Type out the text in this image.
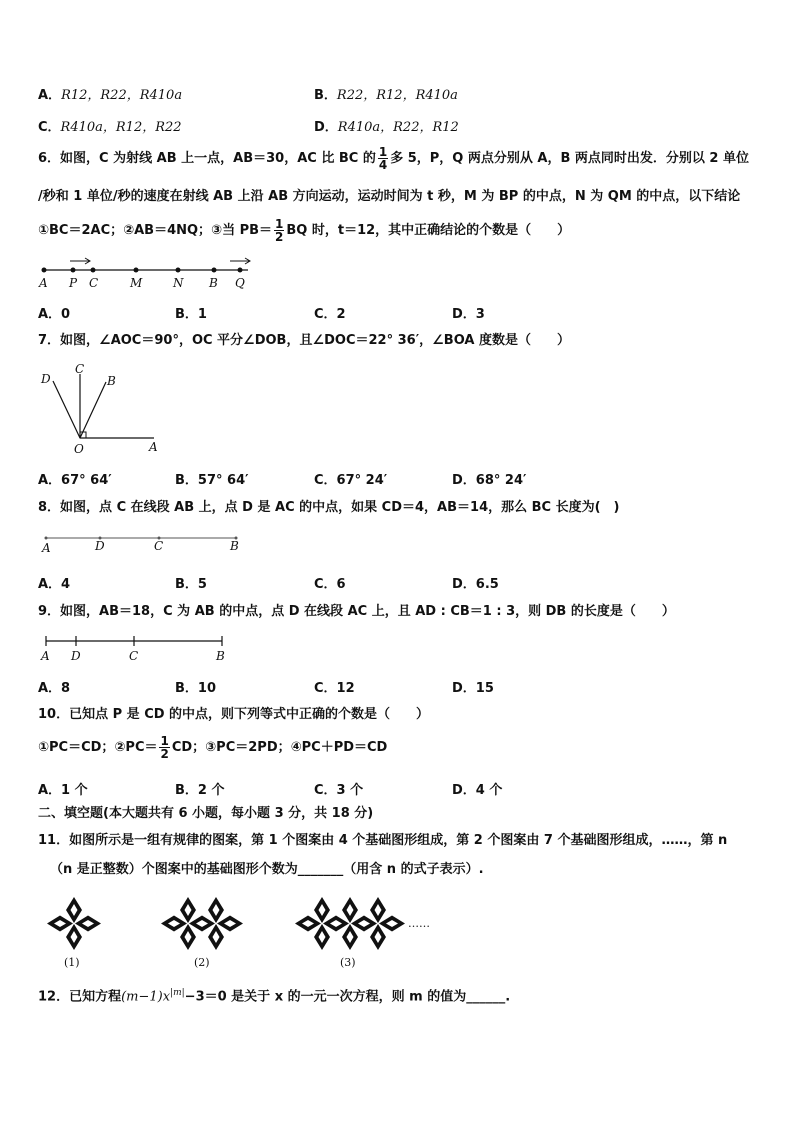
A．R12，R22，R410a	B．R22，R12，R410a
C．R410a，R12，R22	D．R410a，R22，R12
6．如图，C 为射线 AB 上一点，AB＝30，AC 比 BC 的 $\frac{1}{4}$ 多 5，P，Q 两点分别从 A，B 两点同时出发．分别以 2 单位
/秒和 1 单位/秒的速度在射线 AB 上沿 AB 方向运动，运动时间为 t 秒，M 为 BP 的中点，N 为 QM 的中点，以下结论
①BC＝2AC；②AB＝4NQ；③当 $PB= \frac{1}{2}$ BQ 时，t＝12，其中正确结论的个数是（　　）
A P C	M	N B Q
A．0	B．1	C．2	D．3
7．如图，∠AOC＝90°，OC 平分∠DOB，且∠DOC＝22° 36′，∠BOA 度数是（　　）
D
C
B
O	A
A．67° 64′	B．57° 64′	C．67° 24′	D．68° 24′
8．如图，点 C 在线段 AB 上，点 D 是 AC 的中点，如果 CD＝4，AB＝14，那么 BC 长度为(　)
A	D	C	B
A．4	B．5	C．6	D．6.5
9．如图，AB＝18，C 为 AB 的中点，点 D 在线段 AC 上，且 AD : CB＝1 : 3，则 DB 的长度是（　　）
A D	C	B
A．8	B．10	C．12	D．15
10．已知点 P 是 CD 的中点，则下列等式中正确的个数是（　　）
①PC＝CD；②PC＝ $\frac{1}{2}$ CD；③PC＝2PD；④PC＋PD＝CD
A．1 个	B．2 个	C．3 个	D．4 个
二、填空题(本大题共有 6 小题，每小题 3 分，共 18 分)
11．如图所示是一组有规律的图案，第 1 个图案由 4 个基础图形组成，第 2 个图案由 7 个基础图形组成，……，第 n
（n 是正整数）个图案中的基础图形个数为_______（用含 n 的式子表示）.
……
(1)	(2)	(3)
12．已知方程$(m-1)x^{|m|}-3=0$ 是关于 x 的一元一次方程，则 m 的值为______.
